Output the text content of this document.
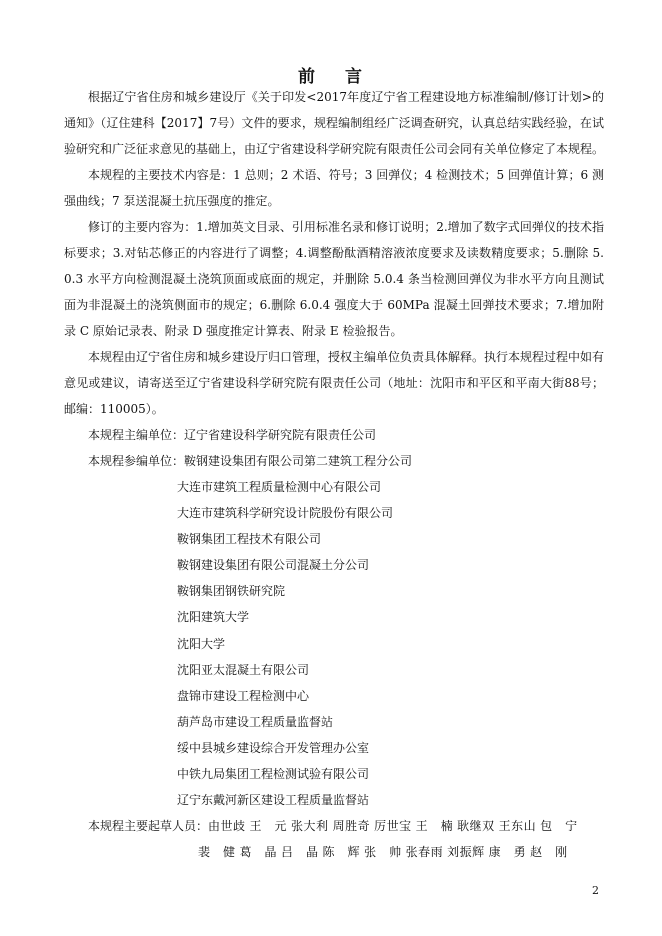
前 言

根据辽宁省住房和城乡建设厅《关于印发<2017年度辽宁省工程建设地方标准编制/修订计划>的通知》（辽住建科【2017】7号）文件的要求，规程编制组经广泛调查研究，认真总结实践经验，在试验研究和广泛征求意见的基础上，由辽宁省建设科学研究院有限责任公司会同有关单位修定了本规程。

本规程的主要技术内容是：1 总则；2 术语、符号；3 回弹仪；4 检测技术；5 回弹值计算；6 测强曲线；7 泵送混凝土抗压强度的推定。

修订的主要内容为：1.增加英文目录、引用标准名录和修订说明；2.增加了数字式回弹仪的技术指标要求；3.对钻芯修正的内容进行了调整；4.调整酚酞酒精溶液浓度要求及读数精度要求；5.删除 5.0.3 水平方向检测混凝土浇筑顶面或底面的规定，并删除 5.0.4 条当检测回弹仪为非水平方向且测试面为非混凝土的浇筑侧面市的规定；6.删除 6.0.4 强度大于 60MPa 混凝土回弹技术要求；7.增加附录 C 原始记录表、附录 D 强度推定计算表、附录 E 检验报告。

本规程由辽宁省住房和城乡建设厅归口管理，授权主编单位负责具体解释。执行本规程过程中如有意见或建议，请寄送至辽宁省建设科学研究院有限责任公司（地址：沈阳市和平区和平南大街88号；邮编：110005）。

本规程主编单位：辽宁省建设科学研究院有限责任公司

本规程参编单位：鞍钢建设集团有限公司第二建筑工程分公司

大连市建筑工程质量检测中心有限公司
大连市建筑科学研究设计院股份有限公司
鞍钢集团工程技术有限公司
鞍钢建设集团有限公司混凝土分公司
鞍钢集团钢铁研究院
沈阳建筑大学
沈阳大学
沈阳亚太混凝土有限公司
盘锦市建设工程检测中心
葫芦岛市建设工程质量监督站
绥中县城乡建设综合开发管理办公室
中铁九局集团工程检测试验有限公司
辽宁东戴河新区建设工程质量监督站

本规程主要起草人员：由世歧 王　元 张大利 周胜奇 厉世宝 王　楠 耿继双 王东山 包　宁

裴　健 葛　晶 吕　晶 陈　辉 张　帅 张春雨 刘振辉 康　勇 赵　刚

2
